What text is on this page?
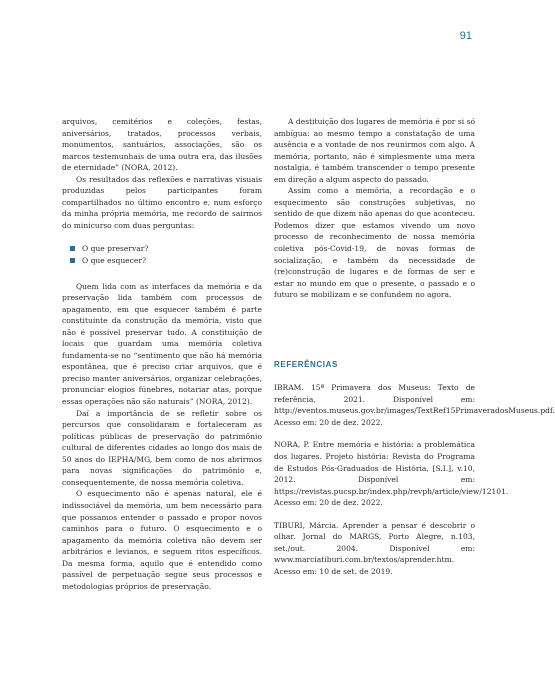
91

arquivos, cemitérios e coleções, festas, aniversários, tratados, processos verbais, monumentos, santuários, associações, são os marcos testemunhais de uma outra era, das ilusões de eternidade” (NORA, 2012).

Os resultados das reflexões e narrativas visuais produzidas pelos participantes foram compartilhados no último encontro e, num esforço da minha própria memória, me recordo de sairmos do minicurso com duas perguntas:

O que preservar?
O que esquecer?

Quem lida com as interfaces da memória e da preservação lida também com processos de apagamento, em que esquecer também é parte constituinte da construção da memória, visto que não é possível preservar tudo. A constituição de locais que guardam uma memória coletiva fundamenta-se no “sentimento que não há memória espontânea, que é preciso criar arquivos, que é preciso manter aniversários, organizar celebrações, pronunciar elogios fúnebres, notariar atas, porque essas operações não são naturais” (NORA, 2012).

Daí a importância de se refletir sobre os percursos que consolidaram e fortaleceram as políticas públicas de preservação do patrimônio cultural de diferentes cidades ao longo dos mais de 50 anos do IEPHA/MG, bem como de nos abrirmos para novas significações do patrimônio e, consequentemente, de nossa memória coletiva.

O esquecimento não é apenas natural, ele é indissociável da memória, um bem necessário para que possamos entender o passado e propor novos caminhos para o futuro. O esquecimento e o apagamento da memória coletiva não devem ser arbitrários e levianos, e seguem ritos específicos. Da mesma forma, aquilo que é entendido como passível de perpetuação segue seus processos e metodologias próprios de preservação.

A destituição dos lugares de memória é por si só ambígua: ao mesmo tempo a constatação de uma ausência e a vontade de nos reunirmos com algo. A memória, portanto, não é simplesmente uma mera nostalgia, é também transcender o tempo presente em direção a algum aspecto do passado.

Assim como a memória, a recordação e o esquecimento são construções subjetivas, no sentido de que dizem não apenas do que aconteceu. Podemos dizer que estamos vivendo um novo processo de reconhecimento de nossa memória coletiva pós-Covid-19, de novas formas de socialização, e também da necessidade de (re)construção de lugares e de formas de ser e estar no mundo em que o presente, o passado e o futuro se mobilizam e se confundem no agora.

REFERÊNCIAS

IBRAM. 15ª Primavera dos Museus: Texto de referência, 2021. Disponível em: http://eventos.museus.gov.br/images/TextRef15PrimaveradosMuseus.pdf. Acesso em: 20 de dez. 2022.

NORA, P. Entre memória e história: a problemática dos lugares. Projeto história: Revista do Programa de Estudos Pós-Graduados de História, [S.I.], v.10, 2012. Disponível em: https://revistas.pucsp.br/index.php/revph/article/view/12101. Acesso em: 20 de dez. 2022.

TIBURI, Márcia. Aprender a pensar é descobrir o olhar. Jornal do MARGS, Porto Alegre, n.103, set./out. 2004. Disponível em: www.marciatiburi.com.br/textos/aprender.htm. Acesso em: 10 de set. de 2019.
